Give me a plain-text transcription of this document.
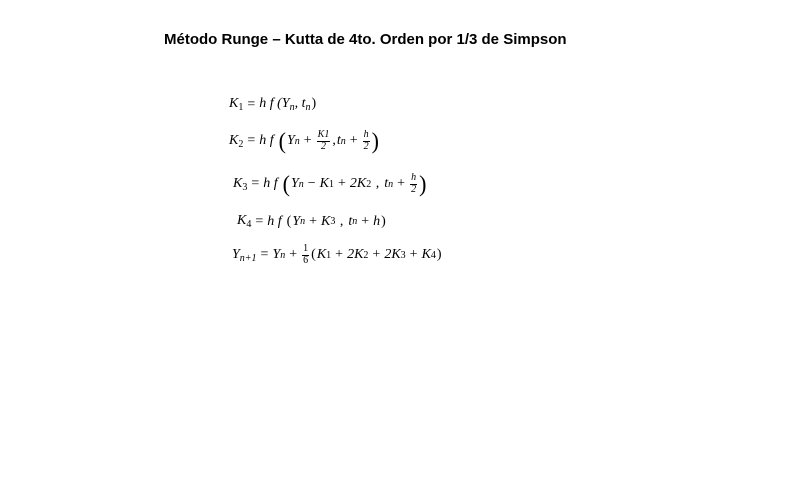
Método Runge – Kutta de 4to. Orden por 1/3 de Simpson
$K_1 = h$ f ($Y_n$, $t_n$)
$K_2 = h$ f ( Y $n + \frac{K1}{2}$ , t $n + \frac{h}{2}$ )
$K_3 = h$ f ( Y n − K 1 + 2K 2 , t $n + \frac{h}{2}$ )
$K_4 = h$ f ( Y n + K 3 , t n + h )
$Y_{n+1} = Y$ $n + \frac{1}{6}$ ( K 1 + 2K 2 + 2K 3 + K 4 )
